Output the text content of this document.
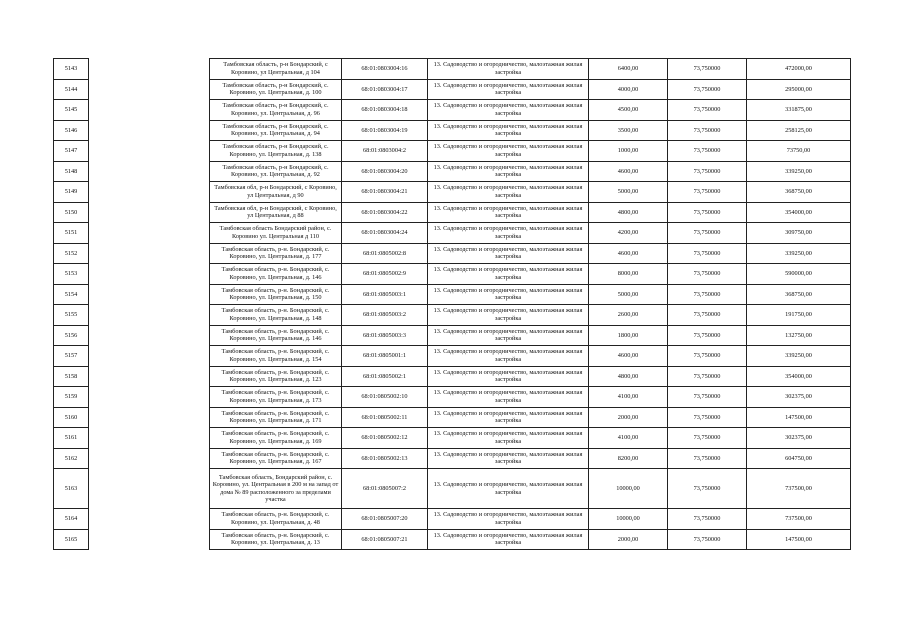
5143		Тамбовская область, р-н Бондарский, с Коровино, ул Центральная, д 104	68:01:0803004:16	13. Садоводство и огородничество, малоэтажная жилая застройка	6400,00	73,750000	472000,00
5144		Тамбовская область, р-н Бондарский, с. Коровино, ул. Центральная, д. 100	68:01:0803004:17	13. Садоводство и огородничество, малоэтажная жилая застройка	4000,00	73,750000	295000,00
5145		Тамбовская область, р-н Бондарский, с. Коровино, ул. Центральная, д. 96	68:01:0803004:18	13. Садоводство и огородничество, малоэтажная жилая застройка	4500,00	73,750000	331875,00
5146		Тамбовская область, р-н Бондарский, с. Коровино, ул. Центральная, д. 94	68:01:0803004:19	13. Садоводство и огородничество, малоэтажная жилая застройка	3500,00	73,750000	258125,00
5147		Тамбовская область, р-н Бондарский, с. Коровино, ул. Центральная, д. 138	68:01:0803004:2	13. Садоводство и огородничество, малоэтажная жилая застройка	1000,00	73,750000	73750,00
5148		Тамбовская область, р-н Бондарский, с. Коровино, ул. Центральная, д. 92	68:01:0803004:20	13. Садоводство и огородничество, малоэтажная жилая застройка	4600,00	73,750000	339250,00
5149		Тамбовская обл, р-н Бондарский, с Коровино, ул Центральная, д 90	68:01:0803004:21	13. Садоводство и огородничество, малоэтажная жилая застройка	5000,00	73,750000	368750,00
5150		Тамбовская обл, р-н Бондарский, с Коровино, ул Центральная, д 88	68:01:0803004:22	13. Садоводство и огородничество, малоэтажная жилая застройка	4800,00	73,750000	354000,00
5151		Тамбовская область Бондарский район, с. Коровино ул. Центральная д 110	68:01:0803004:24	13. Садоводство и огородничество, малоэтажная жилая застройка	4200,00	73,750000	309750,00
5152		Тамбовская область, р-н. Бондарский, с. Коровино, ул. Центральная, д. 177	68:01:0805002:8	13. Садоводство и огородничество, малоэтажная жилая застройка	4600,00	73,750000	339250,00
5153		Тамбовская область, р-н. Бондарский, с. Коровино, ул. Центральная, д. 146	68:01:0805002:9	13. Садоводство и огородничество, малоэтажная жилая застройка	8000,00	73,750000	590000,00
5154		Тамбовская область, р-н. Бондарский, с. Коровино, ул. Центральная, д. 150	68:01:0805003:1	13. Садоводство и огородничество, малоэтажная жилая застройка	5000,00	73,750000	368750,00
5155		Тамбовская область, р-н. Бондарский, с. Коровино, ул. Центральная, д. 148	68:01:0805003:2	13. Садоводство и огородничество, малоэтажная жилая застройка	2600,00	73,750000	191750,00
5156		Тамбовская область, р-н. Бондарский, с. Коровино, ул. Центральная, д. 146	68:01:0805003:3	13. Садоводство и огородничество, малоэтажная жилая застройка	1800,00	73,750000	132750,00
5157		Тамбовская область, р-н. Бондарский, с. Коровино, ул. Центральная, д. 154	68:01:0805001:1	13. Садоводство и огородничество, малоэтажная жилая застройка	4600,00	73,750000	339250,00
5158		Тамбовская область, р-н. Бондарский, с. Коровино, ул. Центральная, д. 123	68:01:0805002:1	13. Садоводство и огородничество, малоэтажная жилая застройка	4800,00	73,750000	354000,00
5159		Тамбовская область, р-н. Бондарский, с. Коровино, ул. Центральная, д. 173	68:01:0805002:10	13. Садоводство и огородничество, малоэтажная жилая застройка	4100,00	73,750000	302375,00
5160		Тамбовская область, р-н. Бондарский, с. Коровино, ул. Центральная, д. 171	68:01:0805002:11	13. Садоводство и огородничество, малоэтажная жилая застройка	2000,00	73,750000	147500,00
5161		Тамбовская область, р-н. Бондарский, с. Коровино, ул. Центральная, д. 169	68:01:0805002:12	13. Садоводство и огородничество, малоэтажная жилая застройка	4100,00	73,750000	302375,00
5162		Тамбовская область, р-н. Бондарский, с. Коровино, ул. Центральная, д. 167	68:01:0805002:13	13. Садоводство и огородничество, малоэтажная жилая застройка	8200,00	73,750000	604750,00
5163		Тамбовская область, Бондарский район, с. Коровино, ул. Центральная в 200 м на запад от дома № 89 расположенного за пределами участка	68:01:0805007:2	13. Садоводство и огородничество, малоэтажная жилая застройка	10000,00	73,750000	737500,00
5164		Тамбовская область, р-н. Бондарский, с. Коровино, ул. Центральная, д. 48	68:01:0805007:20	13. Садоводство и огородничество, малоэтажная жилая застройка	10000,00	73,750000	737500,00
5165		Тамбовская область, р-н. Бондарский, с. Коровино, ул. Центральная, д. 13	68:01:0805007:21	13. Садоводство и огородничество, малоэтажная жилая застройка	2000,00	73,750000	147500,00
